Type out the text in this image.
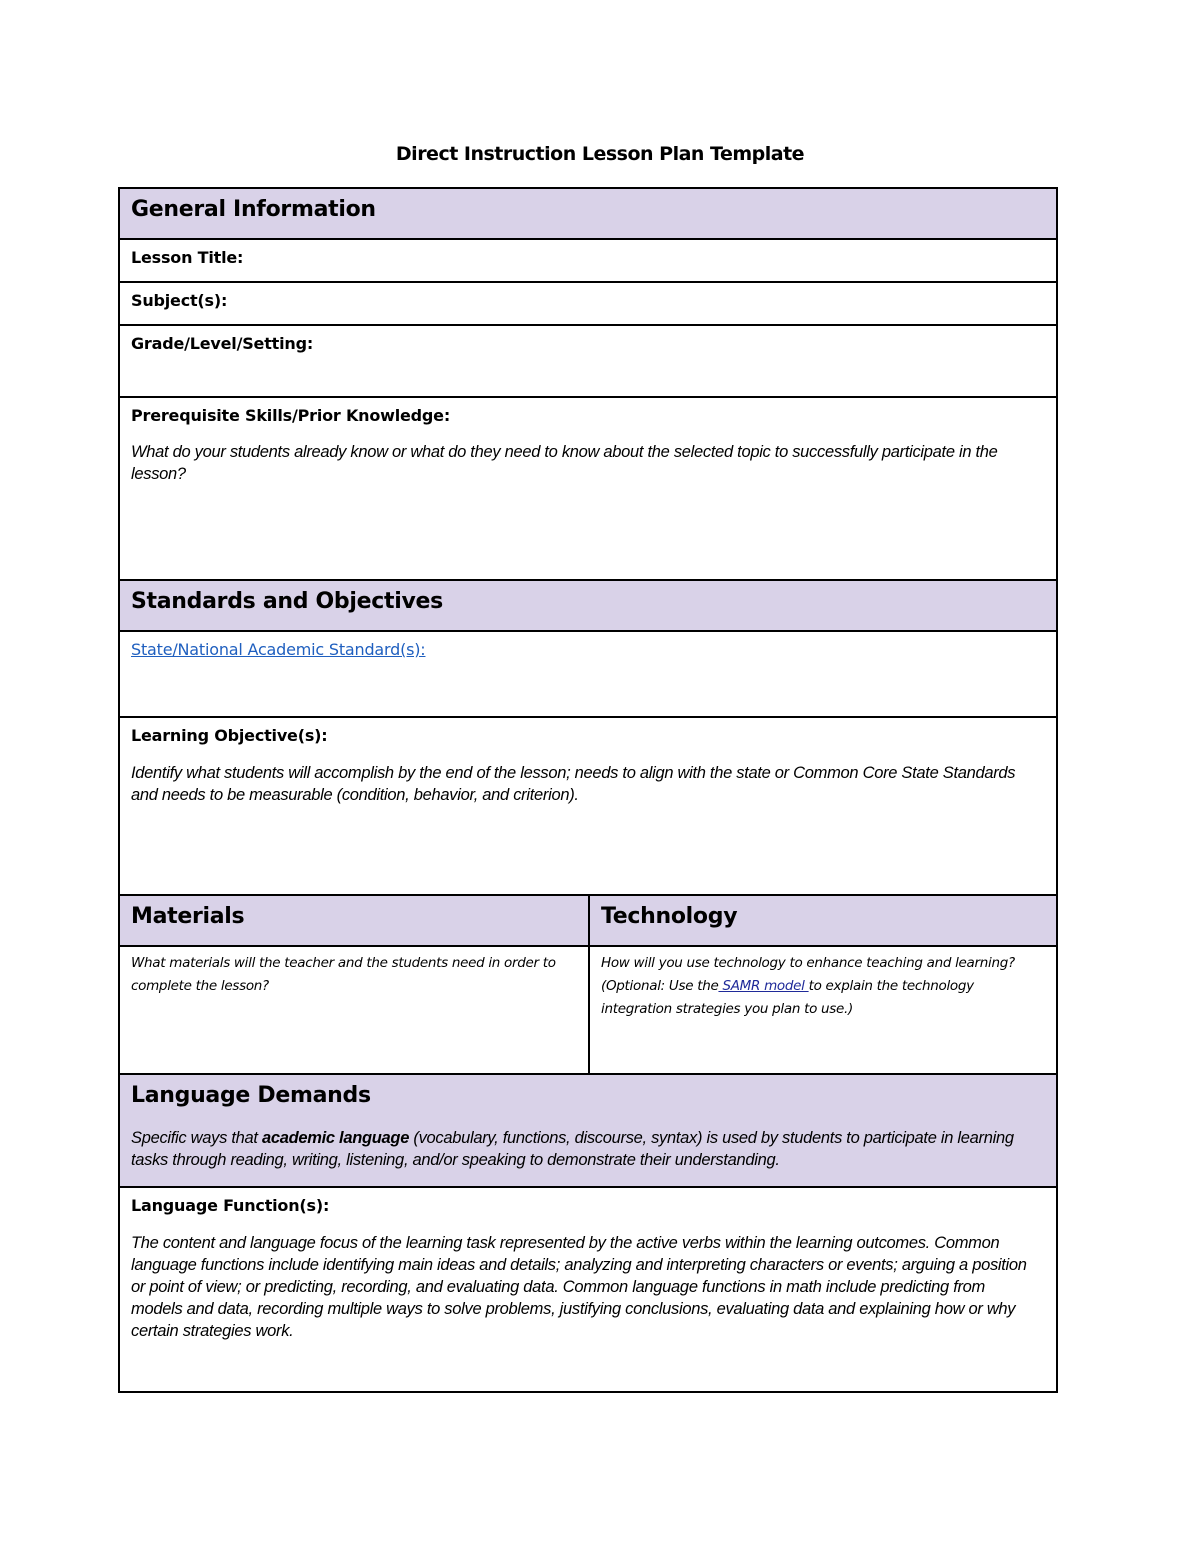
Direct Instruction Lesson Plan Template
General Information
Lesson Title:
Subject(s):
Grade/Level/Setting:
Prerequisite Skills/Prior Knowledge:
What do your students already know or what do they need to know about the selected topic to successfully participate in the lesson?
Standards and Objectives
State/National Academic Standard(s):
Learning Objective(s):
Identify what students will accomplish by the end of the lesson; needs to align with the state or Common Core State Standards and needs to be measurable (condition, behavior, and criterion).
Materials	Technology
What materials will the teacher and the students need in order to complete the lesson?
How will you use technology to enhance teaching and learning? (Optional: Use the SAMR model to explain the technology integration strategies you plan to use.)
Language Demands
Specific ways that academic language (vocabulary, functions, discourse, syntax) is used by students to participate in learning tasks through reading, writing, listening, and/or speaking to demonstrate their understanding.
Language Function(s):
The content and language focus of the learning task represented by the active verbs within the learning outcomes. Common language functions include identifying main ideas and details; analyzing and interpreting characters or events; arguing a position or point of view; or predicting, recording, and evaluating data. Common language functions in math include predicting from models and data, recording multiple ways to solve problems, justifying conclusions, evaluating data and explaining how or why certain strategies work.
